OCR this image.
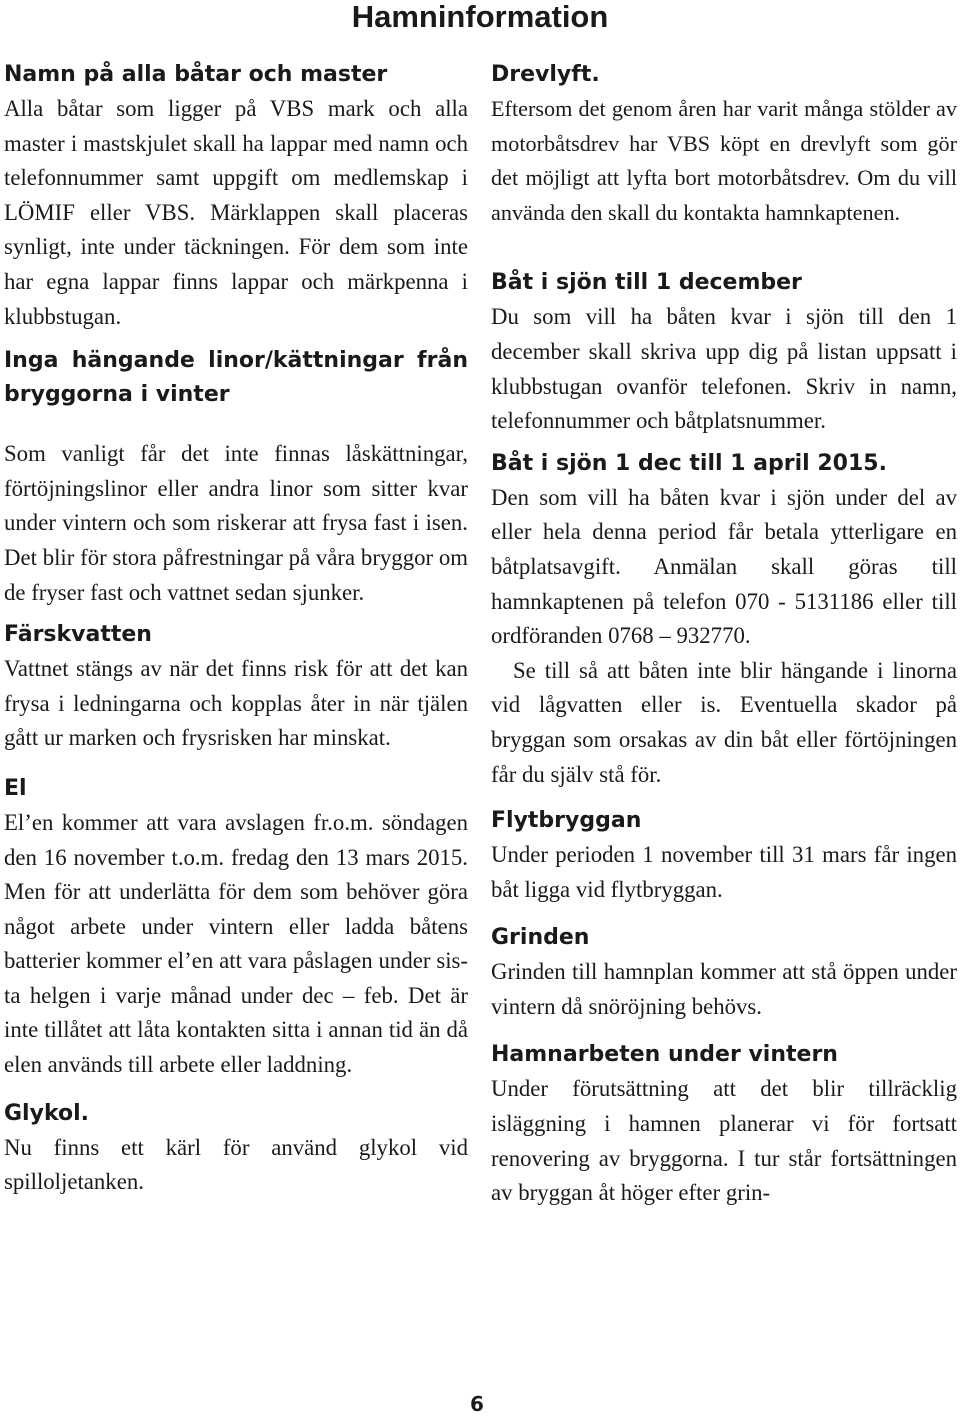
Hamninformation
Namn på alla båtar och master

Alla båtar som ligger på VBS mark och alla master i mastskjulet skall ha lappar med namn och telefonnummer samt uppgift om medlemskap i LÖMIF eller VBS. Märklappen skall placeras synligt, inte under täckningen. För dem som inte har egna lappar finns lappar och märkpenna i klubbstugan.

Inga hängande linor/kättningar från bryggorna i vinter

Som vanligt får det inte finnas låskättningar, förtöjningslinor eller andra linor som sitter kvar under vintern och som riskerar att frysa fast i isen. Det blir för stora påfrestningar på våra bryggor om de fryser fast och vattnet sedan sjunker.

Färskvatten

Vattnet stängs av när det finns risk för att det kan frysa i ledningarna och kopplas åter in när tjälen gått ur marken och frysrisken har minskat.

El

El’en kommer att vara avslagen fr.o.m. söndagen den 16 november t.o.m. fredag den 13 mars 2015. Men för att underlätta för dem som behöver göra något arbete under vintern eller ladda båtens batterier kommer el’en att vara påslagen under sista helgen i varje månad under dec – feb. Det är inte tillåtet att låta kontakten sitta i annan tid än då elen används till arbete eller laddning.

Glykol.

Nu finns ett kärl för använd glykol vid spilloljetanken.

Drevlyft.

Eftersom det genom åren har varit många stölder av motorbåtsdrev har VBS köpt en drevlyft som gör det möjligt att lyfta bort motorbåtsdrev. Om du vill använda den skall du kontakta hamnkaptenen.

Båt i sjön till 1 december

Du som vill ha båten kvar i sjön till den 1 december skall skriva upp dig på listan uppsatt i klubbstugan ovanför telefonen. Skriv in namn, telefonnummer och båtplatsnummer.

Båt i sjön 1 dec till 1 april 2015.

Den som vill ha båten kvar i sjön under del av eller hela denna period får betala ytterligare en båtplatsavgift. Anmälan skall göras till hamnkaptenen på telefon 070 - 5131186 eller till ordföranden 0768 – 932770.

Se till så att båten inte blir hängande i linorna vid lågvatten eller is. Eventuella skador på bryggan som orsakas av din båt eller förtöjningen får du själv stå för.

Flytbryggan

Under perioden 1 november till 31 mars får ingen båt ligga vid flytbryggan.

Grinden

Grinden till hamnplan kommer att stå öppen under vintern då snöröjning behövs.

Hamnarbeten under vintern

Under förutsättning att det blir tillräcklig isläggning i hamnen planerar vi för fortsatt renovering av bryggorna. I tur står fortsättningen av bryggan åt höger efter grin-

6
